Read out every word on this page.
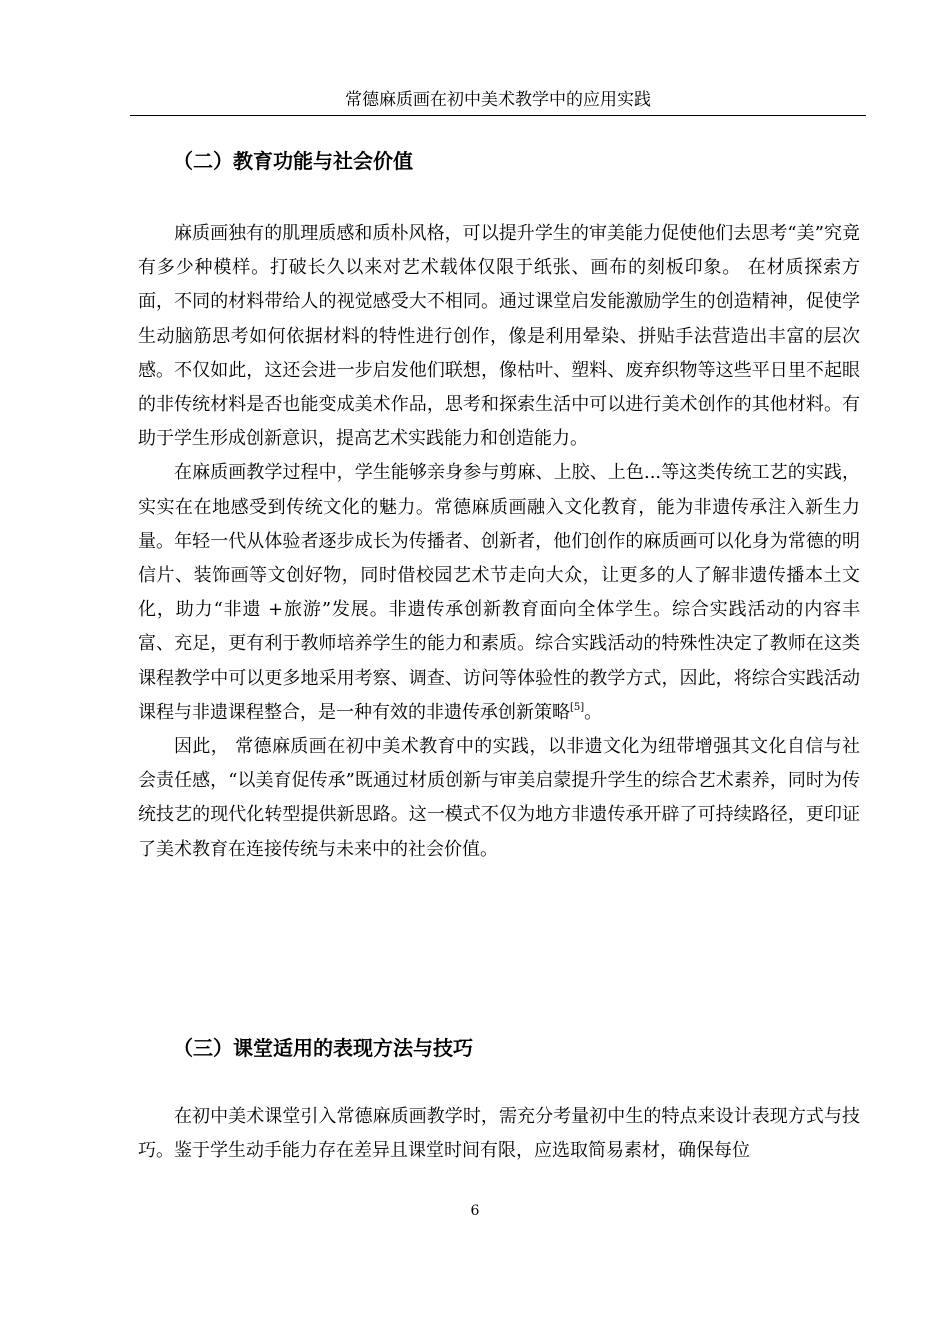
常德麻质画在初中美术教学中的应用实践
（二）教育功能与社会价值

麻质画独有的肌理质感和质朴风格，可以提升学生的审美能力促使他们去思考“美”究竟有多少种模样。打破长久以来对艺术载体仅限于纸张、画布的刻板印象。 在材质探索方面，不同的材料带给人的视觉感受大不相同。通过课堂启发能激励学生的创造精神，促使学生动脑筋思考如何依据材料的特性进行创作，像是利用晕染、拼贴手法营造出丰富的层次感。不仅如此，这还会进一步启发他们联想，像枯叶、塑料、废弃织物等这些平日里不起眼的非传统材料是否也能变成美术作品，思考和探索生活中可以进行美术创作的其他材料。有助于学生形成创新意识，提高艺术实践能力和创造能力。

在麻质画教学过程中，学生能够亲身参与剪麻、上胶、上色...等这类传统工艺的实践，实实在在地感受到传统文化的魅力。常德麻质画融入文化教育，能为非遗传承注入新生力量。年轻一代从体验者逐步成长为传播者、创新者，他们创作的麻质画可以化身为常德的明信片、装饰画等文创好物，同时借校园艺术节走向大众，让更多的人了解非遗传播本土文化，助力“非遗 +旅游”发展。非遗传承创新教育面向全体学生。综合实践活动的内容丰富、充足，更有利于教师培养学生的能力和素质。综合实践活动的特殊性决定了教师在这类课程教学中可以更多地采用考察、调查、访问等体验性的教学方式，因此，将综合实践活动课程与非遗课程整合，是一种有效的非遗传承创新策略[5]。

因此， 常德麻质画在初中美术教育中的实践，以非遗文化为纽带增强其文化自信与社会责任感，“以美育促传承”既通过材质创新与审美启蒙提升学生的综合艺术素养，同时为传统技艺的现代化转型提供新思路。这一模式不仅为地方非遗传承开辟了可持续路径，更印证了美术教育在连接传统与未来中的社会价值。

（三）课堂适用的表现方法与技巧

在初中美术课堂引入常德麻质画教学时，需充分考量初中生的特点来设计表现方式与技巧。鉴于学生动手能力存在差异且课堂时间有限，应选取简易素材，确保每位

6
